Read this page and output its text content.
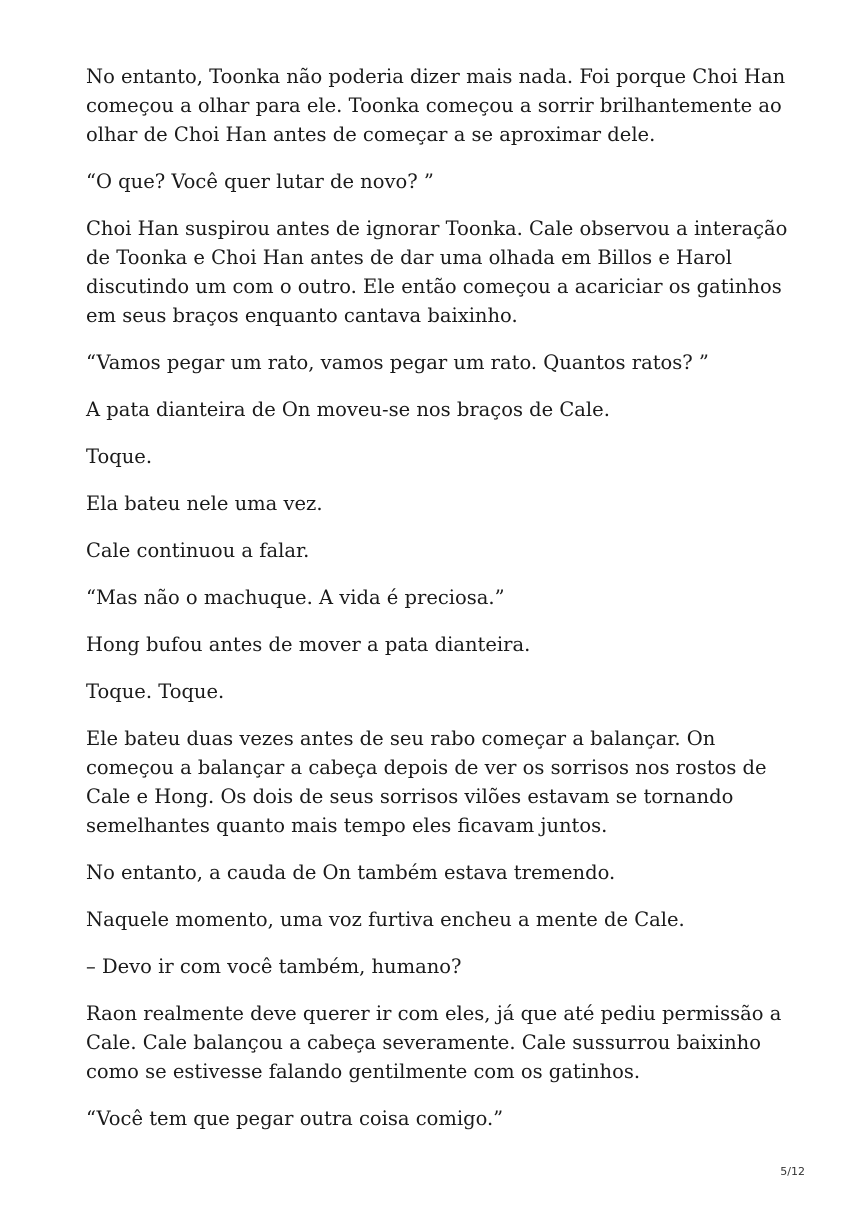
No entanto, Toonka não poderia dizer mais nada. Foi porque Choi Han começou a olhar para ele. Toonka começou a sorrir brilhantemente ao olhar de Choi Han antes de começar a se aproximar dele.

“O que? Você quer lutar de novo? ”

Choi Han suspirou antes de ignorar Toonka. Cale observou a interação de Toonka e Choi Han antes de dar uma olhada em Billos e Harol discutindo um com o outro. Ele então começou a acariciar os gatinhos em seus braços enquanto cantava baixinho.

“Vamos pegar um rato, vamos pegar um rato. Quantos ratos? ”

A pata dianteira de On moveu-se nos braços de Cale.

Toque.

Ela bateu nele uma vez.

Cale continuou a falar.

“Mas não o machuque. A vida é preciosa.”

Hong bufou antes de mover a pata dianteira.

Toque. Toque.

Ele bateu duas vezes antes de seu rabo começar a balançar. On começou a balançar a cabeça depois de ver os sorrisos nos rostos de Cale e Hong. Os dois de seus sorrisos vilões estavam se tornando semelhantes quanto mais tempo eles ficavam juntos.

No entanto, a cauda de On também estava tremendo.

Naquele momento, uma voz furtiva encheu a mente de Cale.

– Devo ir com você também, humano?

Raon realmente deve querer ir com eles, já que até pediu permissão a Cale. Cale balançou a cabeça severamente. Cale sussurrou baixinho como se estivesse falando gentilmente com os gatinhos.

“Você tem que pegar outra coisa comigo.”

5/12
